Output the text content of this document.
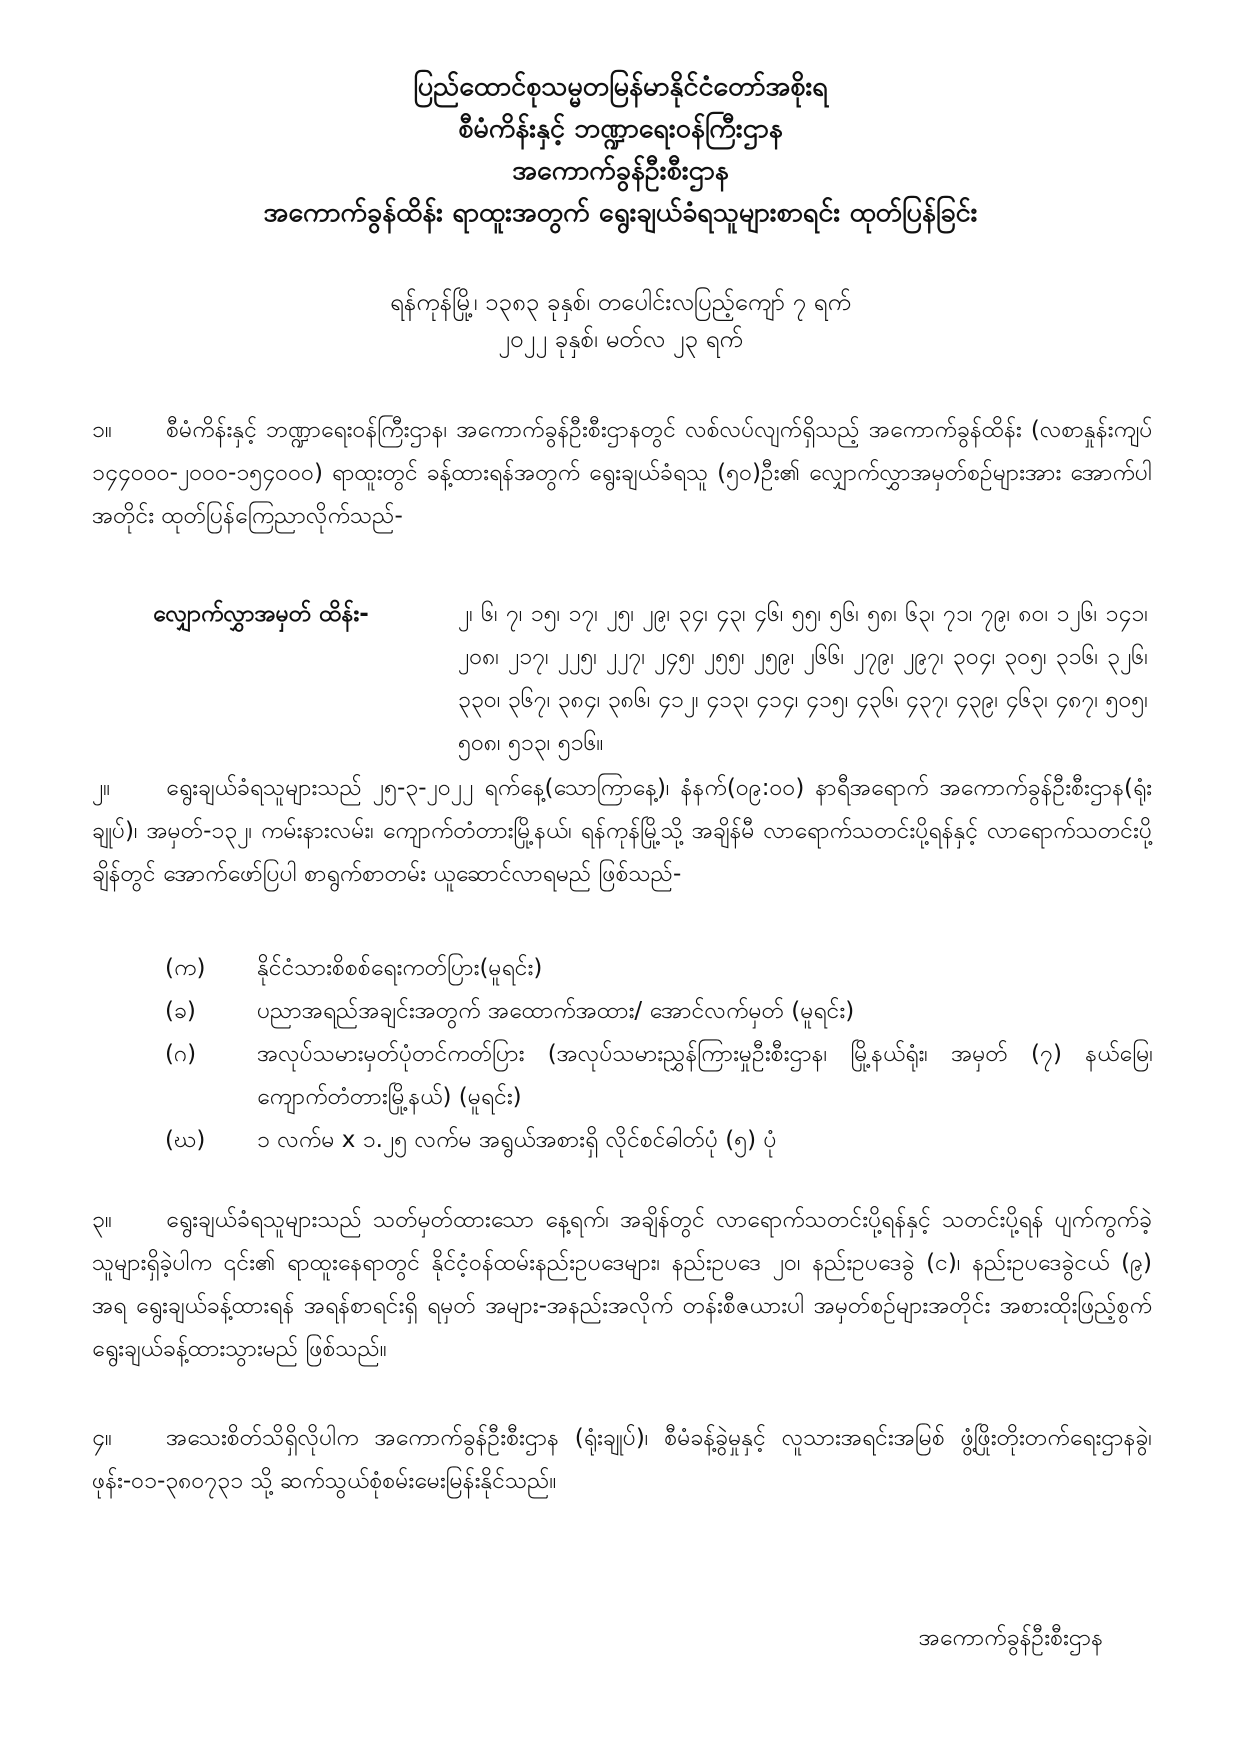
ပြည်ထောင်စုသမ္မတမြန်မာနိုင်ငံတော်အစိုးရ
စီမံကိန်းနှင့် ဘဏ္ဍာရေးဝန်ကြီးဌာန
အကောက်ခွန်ဦးစီးဌာန
အကောက်ခွန်ထိန်း ရာထူးအတွက် ရွေးချယ်ခံရသူများစာရင်း ထုတ်ပြန်ခြင်း
ရန်ကုန်မြို့၊ ၁၃၈၃ ခုနှစ်၊ တပေါင်းလပြည့်ကျော် ၇ ရက်
၂၀၂၂ ခုနှစ်၊ မတ်လ ၂၃ ရက်
၁။ စီမံကိန်းနှင့် ဘဏ္ဍာရေးဝန်ကြီးဌာန၊ အကောက်ခွန်ဦးစီးဌာနတွင် လစ်လပ်လျက်ရှိသည့် အကောက်ခွန်ထိန်း (လစာနှုန်းကျပ် ၁၄၄၀၀၀-၂၀၀၀-၁၅၄၀၀၀) ရာထူးတွင် ခန့်ထားရန်အတွက် ရွေးချယ်ခံရသူ (၅၀)ဦး၏ လျှောက်လွှာအမှတ်စဉ်များအား အောက်ပါအတိုင်း ထုတ်ပြန်ကြေညာလိုက်သည်-
လျှောက်လွှာအမှတ် ထိန်း-	၂၊ ၆၊ ၇၊ ၁၅၊ ၁၇၊ ၂၅၊ ၂၉၊ ၃၄၊ ၄၃၊ ၄၆၊ ၅၅၊ ၅၆၊ ၅၈၊ ၆၃၊ ၇၁၊ ၇၉၊ ၈၀၊ ၁၂၆၊ ၁၄၁၊ ၂၀၈၊ ၂၁၇၊ ၂၂၅၊ ၂၂၇၊ ၂၄၅၊ ၂၅၅၊ ၂၅၉၊ ၂၆၆၊ ၂၇၉၊ ၂၉၇၊ ၃၀၄၊ ၃၀၅၊ ၃၁၆၊ ၃၂၆၊ ၃၃၀၊ ၃၆၇၊ ၃၈၄၊ ၃၈၆၊ ၄၁၂၊ ၄၁၃၊ ၄၁၄၊ ၄၁၅၊ ၄၃၆၊ ၄၃၇၊ ၄၃၉၊ ၄၆၃၊ ၄၈၇၊ ၅၀၅၊ ၅၀၈၊ ၅၁၃၊ ၅၁၆။
၂။ ရွေးချယ်ခံရသူများသည် ၂၅-၃-၂၀၂၂ ရက်နေ့(သောကြာနေ့)၊ နံနက်(၀၉:၀၀) နာရီအရောက် အကောက်ခွန်ဦးစီးဌာန(ရုံးချုပ်)၊ အမှတ်-၁၃၂၊ ကမ်းနားလမ်း၊ ကျောက်တံတားမြို့နယ်၊ ရန်ကုန်မြို့သို့ အချိန်မီ လာရောက်သတင်းပို့ရန်နှင့် လာရောက်သတင်းပို့ချိန်တွင် အောက်ဖော်ပြပါ စာရွက်စာတမ်း ယူဆောင်လာရမည် ဖြစ်သည်-
(က)	နိုင်ငံသားစိစစ်ရေးကတ်ပြား(မူရင်း)
(ခ)	ပညာအရည်အချင်းအတွက် အထောက်အထား/ အောင်လက်မှတ် (မူရင်း)
(ဂ)	အလုပ်သမားမှတ်ပုံတင်ကတ်ပြား (အလုပ်သမားညွှန်ကြားမှုဦးစီးဌာန၊ မြို့နယ်ရုံး၊ အမှတ် (၇) နယ်မြေ၊ ကျောက်တံတားမြို့နယ်) (မူရင်း)
(ဃ)	၁ လက်မ x ၁.၂၅ လက်မ အရွယ်အစားရှိ လိုင်စင်ဓါတ်ပုံ (၅) ပုံ
၃။ ရွေးချယ်ခံရသူများသည် သတ်မှတ်ထားသော နေ့ရက်၊ အချိန်တွင် လာရောက်သတင်းပို့ရန်နှင့် သတင်းပို့ရန် ပျက်ကွက်ခဲ့သူများရှိခဲ့ပါက ၎င်း၏ ရာထူးနေရာတွင် နိုင်ငံ့ဝန်ထမ်းနည်းဥပဒေများ၊ နည်းဥပဒေ ၂၀၊ နည်းဥပဒေခွဲ (င)၊ နည်းဥပဒေခွဲငယ် (၉) အရ ရွေးချယ်ခန့်ထားရန် အရန်စာရင်းရှိ ရမှတ် အများ-အနည်းအလိုက် တန်းစီဇယားပါ အမှတ်စဉ်များအတိုင်း အစားထိုးဖြည့်စွက် ရွေးချယ်ခန့်ထားသွားမည် ဖြစ်သည်။
၄။ အသေးစိတ်သိရှိလိုပါက အကောက်ခွန်ဦးစီးဌာန (ရုံးချုပ်)၊ စီမံခန့်ခွဲမှုနှင့် လူသားအရင်းအမြစ် ဖွံ့ဖြိုးတိုးတက်ရေးဌာနခွဲ၊ ဖုန်း-၀၁-၃၈၀၇၃၁ သို့ ဆက်သွယ်စုံစမ်းမေးမြန်းနိုင်သည်။
အကောက်ခွန်ဦးစီးဌာန
